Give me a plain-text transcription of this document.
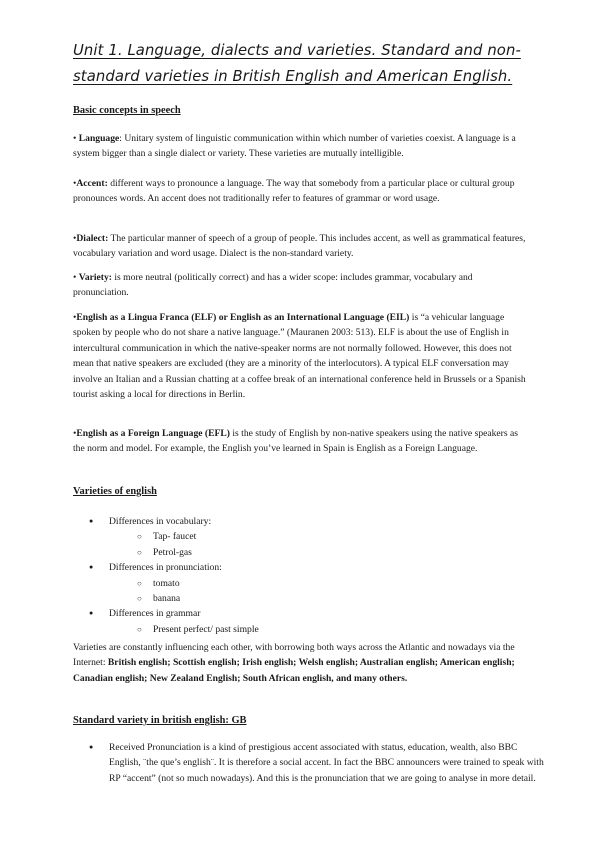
Unit 1. Language, dialects and varieties. Standard and non- standard varieties in British English and American English.

Basic concepts in speech

• Language: Unitary system of linguistic communication within which number of varieties coexist. A language is a system bigger than a single dialect or variety. These varieties are mutually intelligible.

•Accent: different ways to pronounce a language. The way that somebody from a particular place or cultural group pronounces words. An accent does not traditionally refer to features of grammar or word usage.

•Dialect: The particular manner of speech of a group of people. This includes accent, as well as grammatical features, vocabulary variation and word usage. Dialect is the non-standard variety.

• Variety: is more neutral (politically correct) and has a wider scope: includes grammar, vocabulary and pronunciation.

•English as a Lingua Franca (ELF) or English as an International Language (EIL) is “a vehicular language spoken by people who do not share a native language.” (Mauranen 2003: 513). ELF is about the use of English in intercultural communication in which the native-speaker norms are not normally followed. However, this does not mean that native speakers are excluded (they are a minority of the interlocutors). A typical ELF conversation may involve an Italian and a Russian chatting at a coffee break of an international conference held in Brussels or a Spanish tourist asking a local for directions in Berlin.

•English as a Foreign Language (EFL) is the study of English by non-native speakers using the native speakers as the norm and model. For example, the English you’ve learned in Spain is English as a Foreign Language.

Varieties of english

● Differences in vocabulary:
○ Tap- faucet
○ Petrol-gas
● Differences in pronunciation:
○ tomato
○ banana
● Differences in grammar
○ Present perfect/ past simple

Varieties are constantly influencing each other, with borrowing both ways across the Atlantic and nowadays via the Internet: British english; Scottish english; Irish english; Welsh english; Australian english; American english; Canadian english; New Zealand English; South African english, and many others.

Standard variety in british english: GB

● Received Pronunciation is a kind of prestigious accent associated with status, education, wealth, also BBC English, ¨the que’s english¨. It is therefore a social accent. In fact the BBC announcers were trained to speak with RP “accent” (not so much nowadays). And this is the pronunciation that we are going to analyse in more detail.
